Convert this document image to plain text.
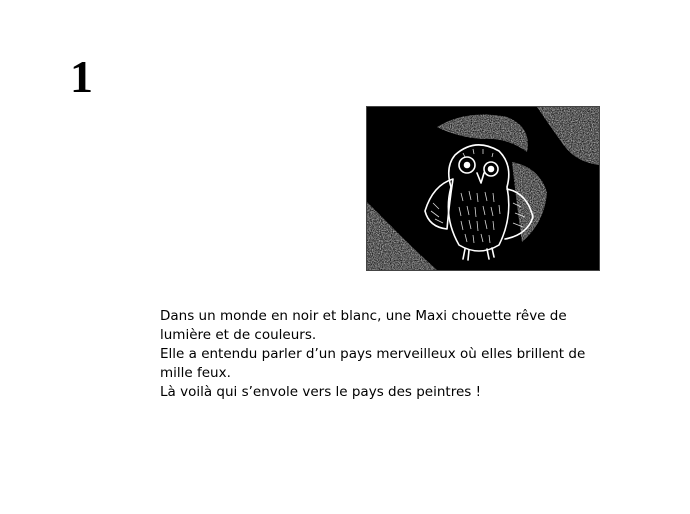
1

Dans un monde en noir et blanc, une Maxi chouette rêve de lumière et de couleurs.

Elle a entendu parler d’un pays merveilleux où elles brillent de mille feux.

Là voilà qui s’envole vers le pays des peintres !
